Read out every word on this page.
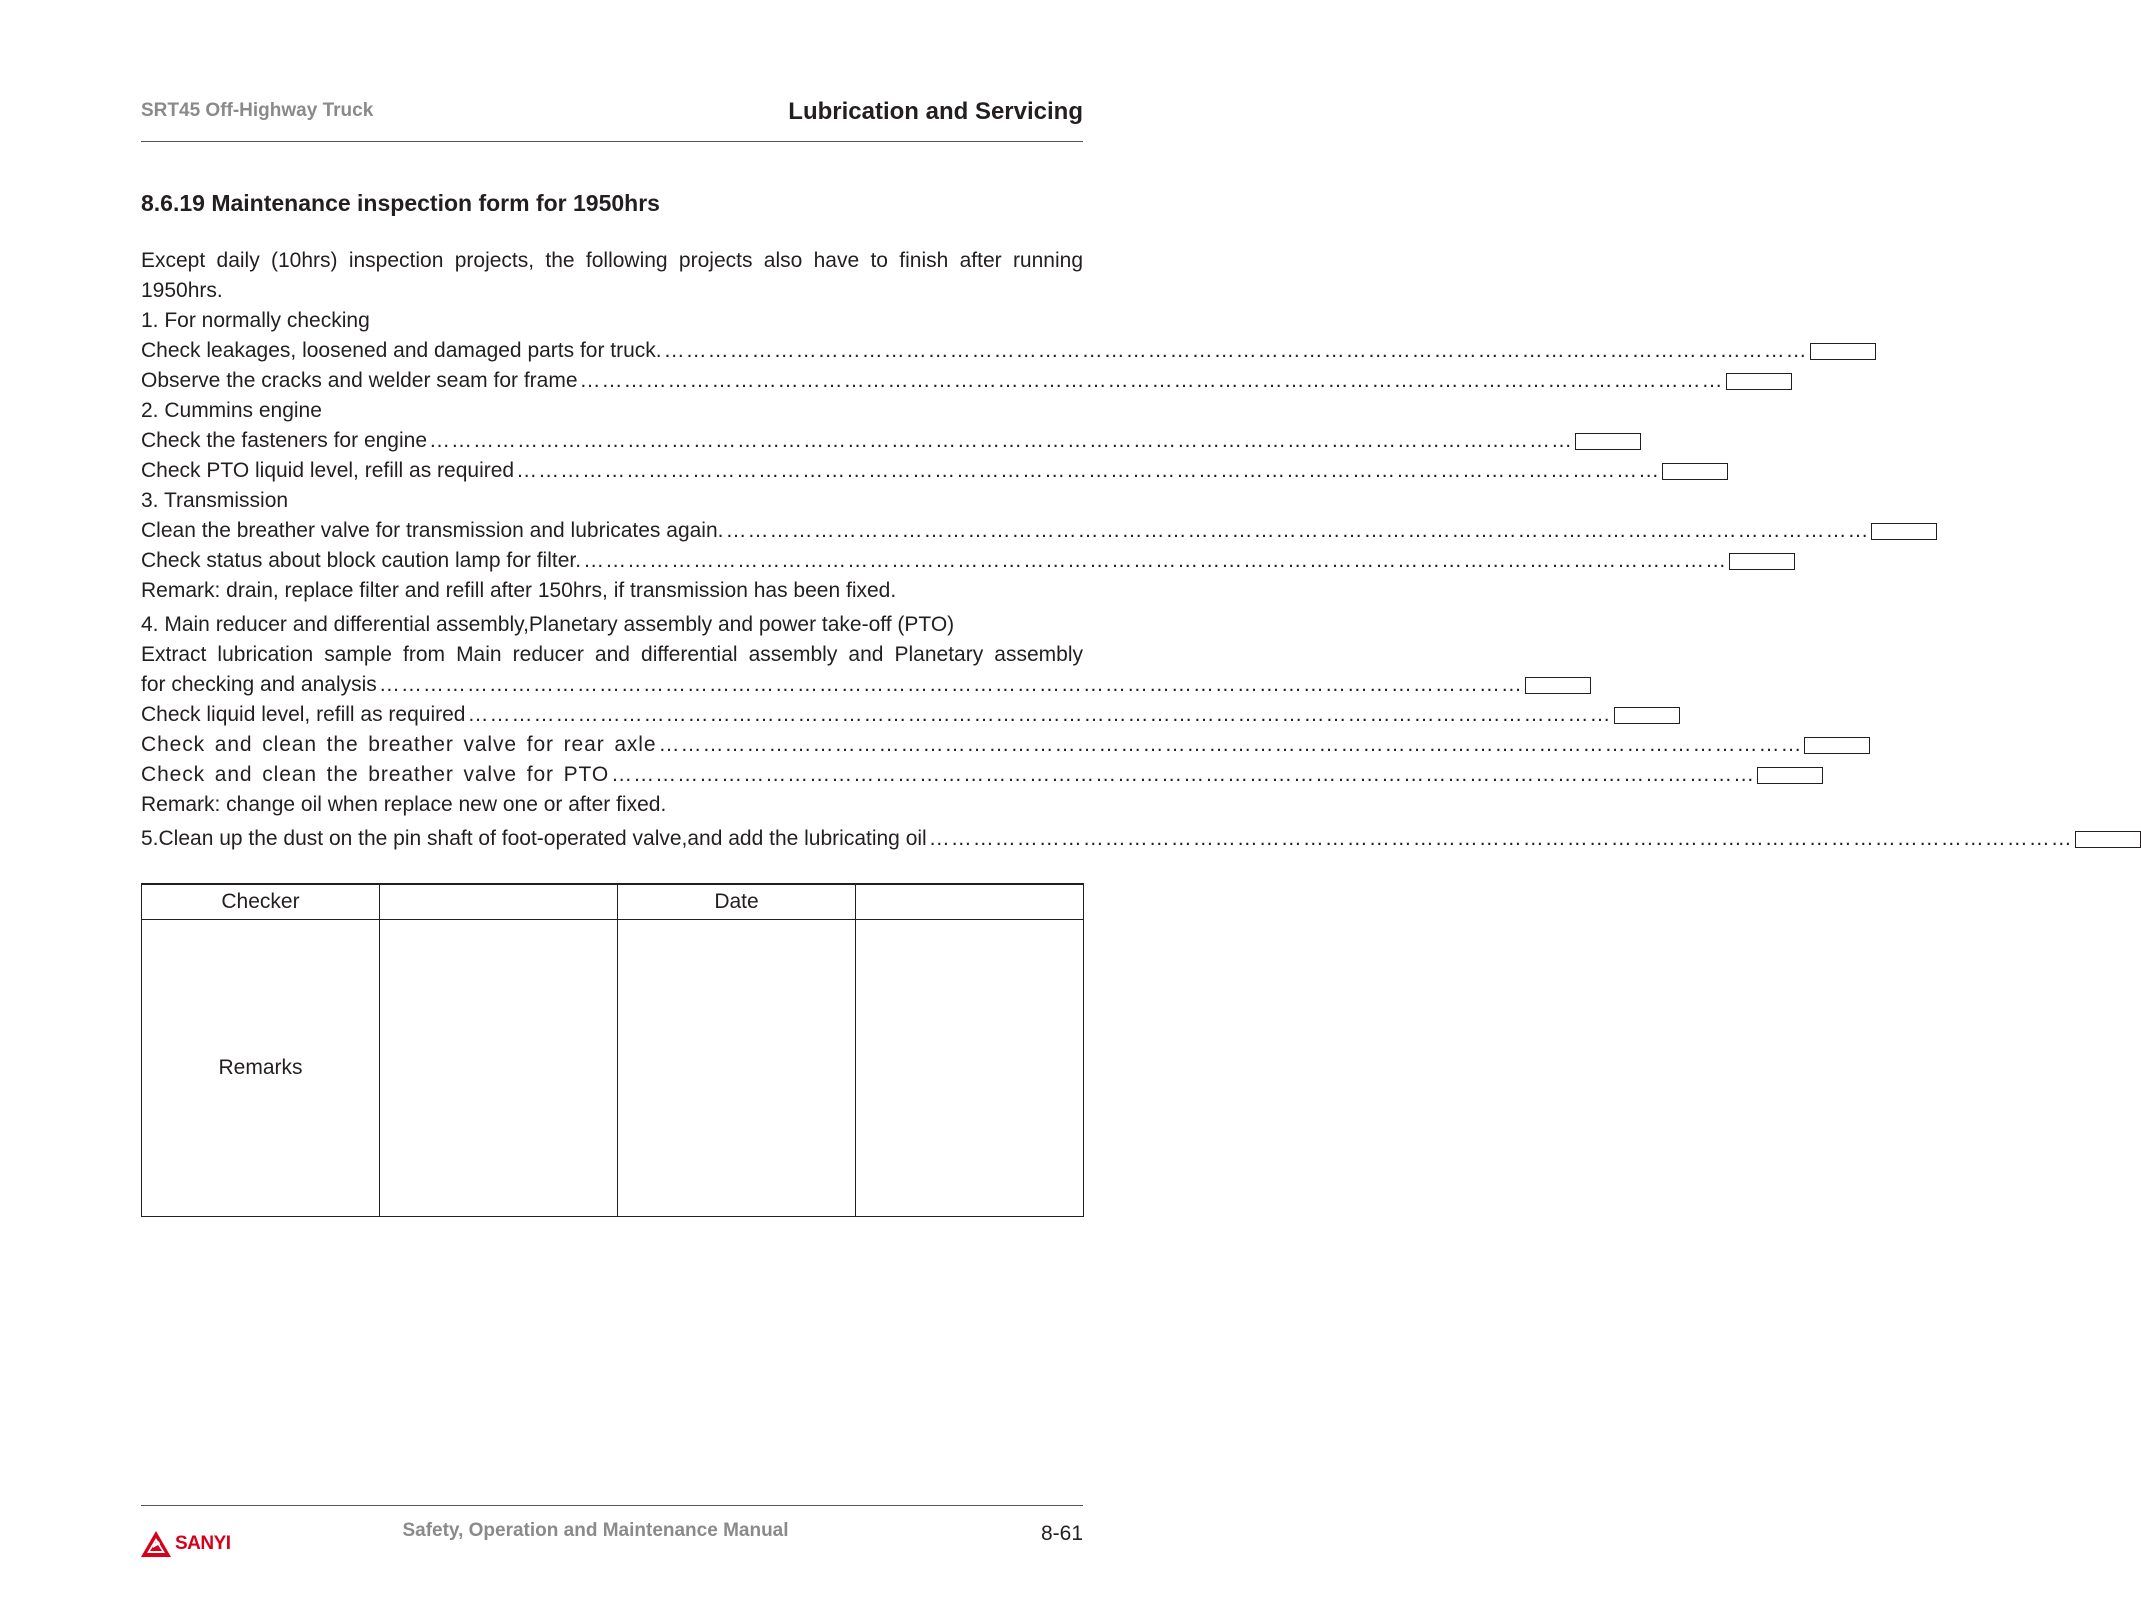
SRT45 Off-Highway Truck	Lubrication and Servicing
8.6.19 Maintenance inspection form for 1950hrs
Except daily (10hrs) inspection projects, the following projects also have to finish after running 1950hrs.
1. For normally checking
Check leakages, loosened and damaged parts for truck. …………………………………………………………………………………………………………………………………………
Observe the cracks and welder seam for frame …………………………………………………………………………………………………………………………………………
2. Cummins engine
Check the fasteners for engine …………………………………………………………………………………………………………………………………………
Check PTO liquid level, refill as required …………………………………………………………………………………………………………………………………………
3. Transmission
Clean the breather valve for transmission and lubricates again. …………………………………………………………………………………………………………………………………………
Check status about block caution lamp for filter. …………………………………………………………………………………………………………………………………………
Remark: drain, replace filter and refill after 150hrs, if transmission has been fixed.
4. Main reducer and differential assembly,Planetary assembly and power take-off (PTO)
Extract lubrication sample from Main reducer and differential assembly and Planetary assembly
for checking and analysis …………………………………………………………………………………………………………………………………………
Check liquid level, refill as required …………………………………………………………………………………………………………………………………………
Check and clean the breather valve for rear axle …………………………………………………………………………………………………………………………………………
Check and clean the breather valve for PTO …………………………………………………………………………………………………………………………………………
Remark: change oil when replace new one or after fixed.
5.Clean up the dust on the pin shaft of foot-operated valve,and add the lubricating oil …………………………………………………………………………………………………………………………………………
Checker		Date	
Remarks			
Safety, Operation and Maintenance Manual	8-61
SANYI
